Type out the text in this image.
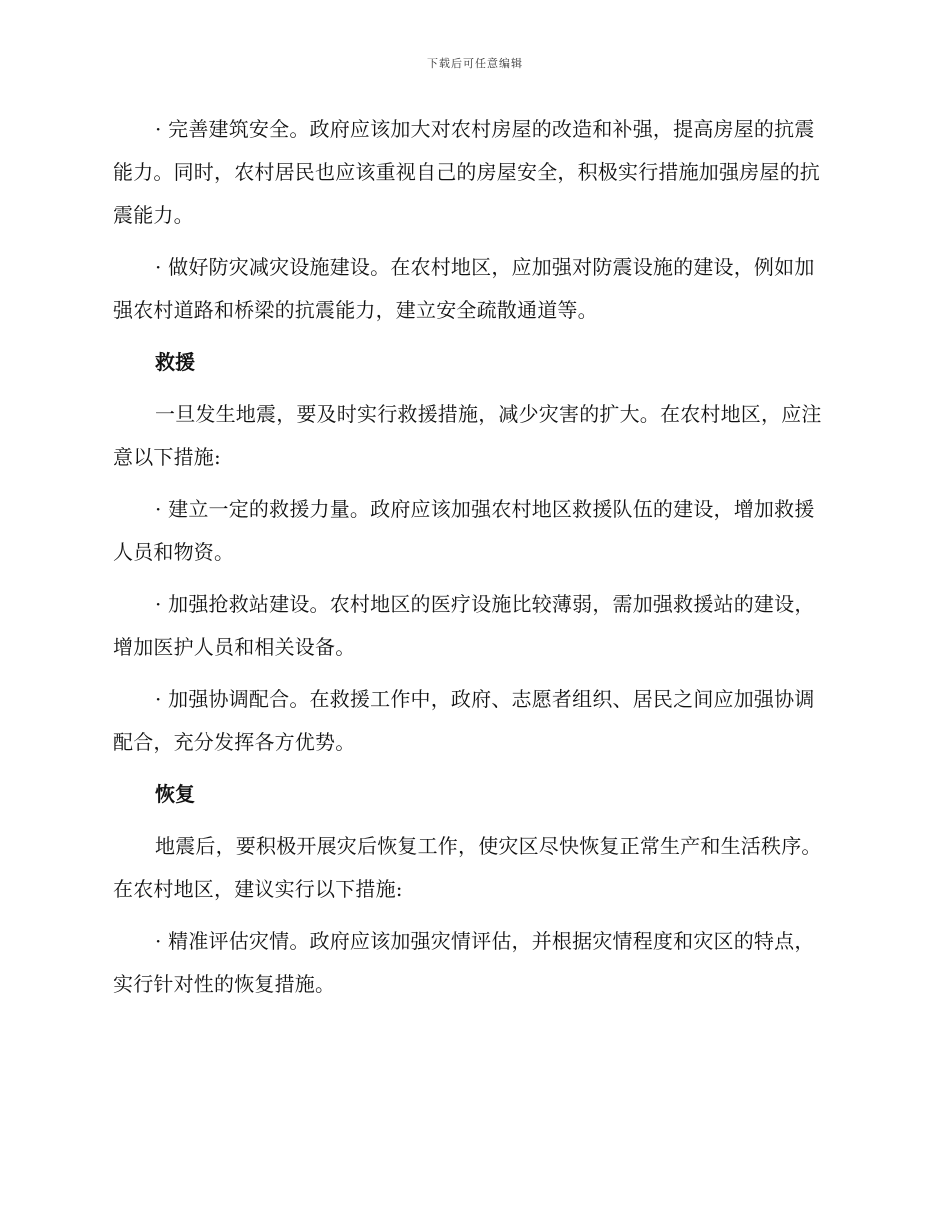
下载后可任意编辑

· 完善建筑安全。政府应该加大对农村房屋的改造和补强，提高房屋的抗震能力。同时，农村居民也应该重视自己的房屋安全，积极实行措施加强房屋的抗震能力。

· 做好防灾减灾设施建设。在农村地区，应加强对防震设施的建设，例如加强农村道路和桥梁的抗震能力，建立安全疏散通道等。

救援

一旦发生地震，要及时实行救援措施，减少灾害的扩大。在农村地区，应注意以下措施:

· 建立一定的救援力量。政府应该加强农村地区救援队伍的建设，增加救援人员和物资。

· 加强抢救站建设。农村地区的医疗设施比较薄弱，需加强救援站的建设，增加医护人员和相关设备。

· 加强协调配合。在救援工作中，政府、志愿者组织、居民之间应加强协调配合，充分发挥各方优势。

恢复

地震后，要积极开展灾后恢复工作，使灾区尽快恢复正常生产和生活秩序。在农村地区，建议实行以下措施:

· 精准评估灾情。政府应该加强灾情评估，并根据灾情程度和灾区的特点，实行针对性的恢复措施。
